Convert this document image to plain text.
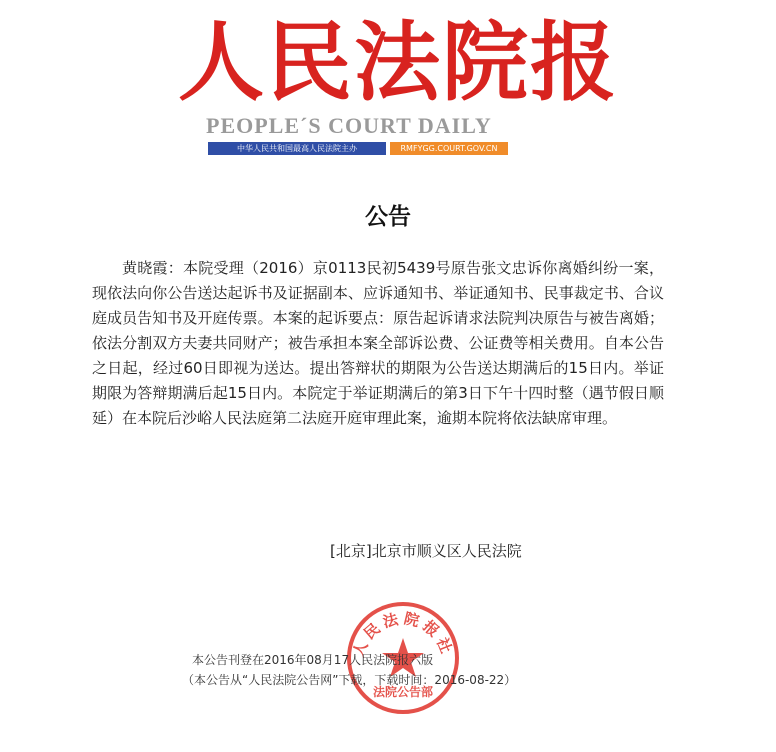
人民法院报
PEOPLE´S COURT DAILY
中华人民共和国最高人民法院主办	RMFYGG.COURT.GOV.CN
公告

黄晓霞：本院受理（2016）京0113民初5439号原告张文忠诉你离婚纠纷一案，现依法向你公告送达起诉书及证据副本、应诉通知书、举证通知书、民事裁定书、合议庭成员告知书及开庭传票。本案的起诉要点：原告起诉请求法院判决原告与被告离婚；依法分割双方夫妻共同财产；被告承担本案全部诉讼费、公证费等相关费用。自本公告之日起，经过60日即视为送达。提出答辩状的期限为公告送达期满后的15日内。举证期限为答辩期满后起15日内。本院定于举证期满后的第3日下午十四时整（遇节假日顺延）在本院后沙峪人民法庭第二法庭开庭审理此案，逾期本院将依法缺席审理。

[北京]北京市顺义区人民法院
人民法院报社
法院公告部
本公告刊登在2016年08月17人民法院报六版
（本公告从“人民法院公告网”下载，下载时间：2016-08-22）
